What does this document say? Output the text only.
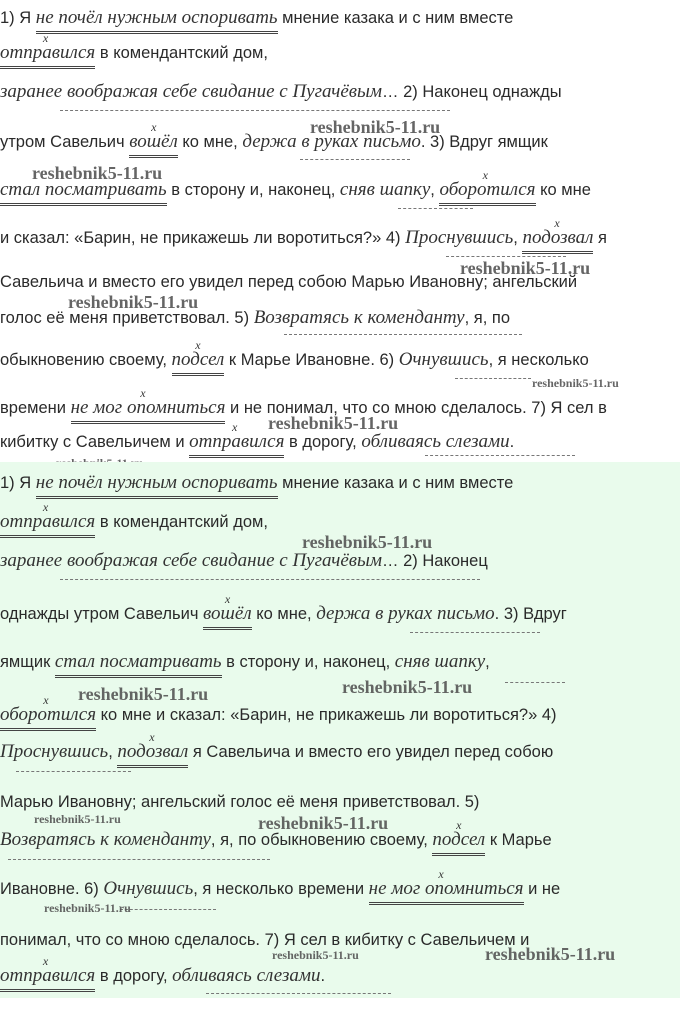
1) Я не почёл нужным оспоривать мнение казака и с ним вместе
x
отправился в комендантский дом,
заранее воображая себе свидание с Пугачёвым… 2) Наконец однажды
утром Савельич
x
вошёл ко мне, держа в руках письмо. 3) Вдруг ямщик
стал посматривать в сторону и, наконец, сняв шапку,
x
оборотился ко мне
и сказал: «Барин, не прикажешь ли воротиться?» 4) Проснувшись,
x
подозвал я
Савельича и вместо его увидел перед собою Марью Ивановну; ангельский
голос её меня приветствовал. 5) Возвратясь к коменданту, я, по
обыкновению своему,
x
подсел к Марье Ивановне. 6) Очнувшись, я несколько
времени
x
не мог опомниться и не понимал, что со мною сделалось. 7) Я сел в
кибитку с Савельичем и
x
отправился в дорогу, обливаясь слезами.
reshebnik5-11.ru
reshebnik5-11.ru
reshebnik5-11.ru
reshebnik5-11.ru
reshebnik5-11.ru
reshebnik5-11.ru
1) Я не почёл нужным оспоривать мнение казака и с ним вместе
x
отправился в комендантский дом,
заранее воображая себе свидание с Пугачёвым… 2) Наконец
однажды утром Савельич
x
вошёл ко мне, держа в руках письмо. 3) Вдруг
ямщик стал посматривать в сторону и, наконец, сняв шапку,
x
оборотился ко мне и сказал: «Барин, не прикажешь ли воротиться?» 4)
Проснувшись,
x
подозвал я Савельича и вместо его увидел перед собою
Марью Ивановну; ангельский голос её меня приветствовал. 5)
Возвратясь к коменданту, я, по обыкновению своему,
x
подсел к Марье
Ивановне. 6) Очнувшись, я несколько времени
x
не мог опомниться и не
понимал, что со мною сделалось. 7) Я сел в кибитку с Савельичем и
x
отправился в дорогу, обливаясь слезами.
reshebnik5-11.ru
reshebnik5-11.ru	reshebnik5-11.ru
reshebnik5-11.ru	reshebnik5-11.ru
reshebnik5-11.ru
reshebnik5-11.ru	reshebnik5-11.ru
